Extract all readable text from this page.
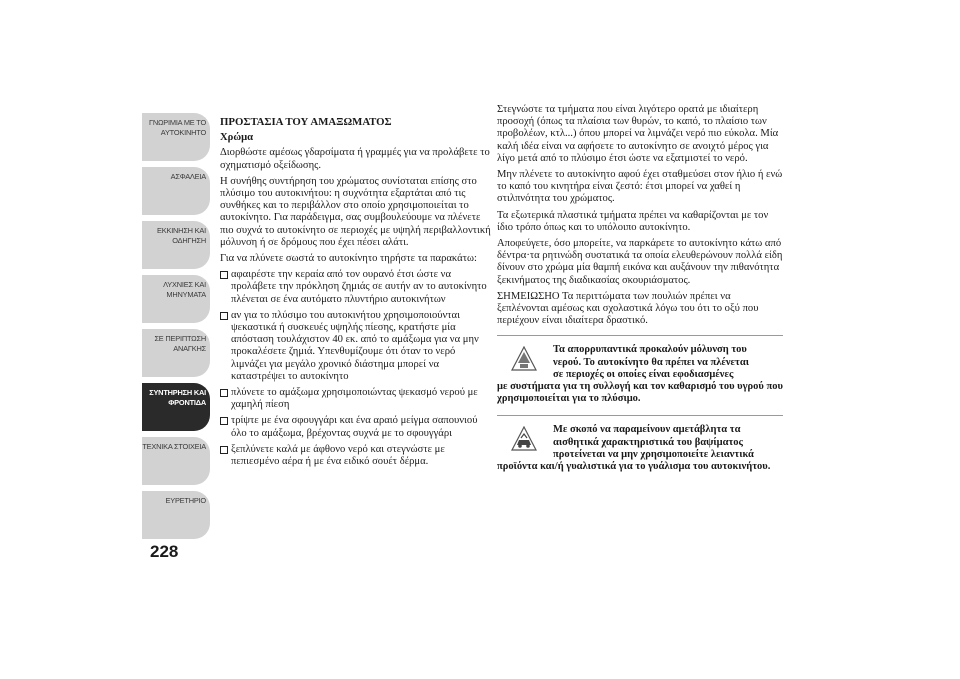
ΓΝΩΡΙΜΙΑ ΜΕ ΤΟ
ΑΥΤΟΚΙΝΗΤΟ
ΑΣΦΑΛΕΙΑ
ΕΚΚΙΝΗΣΗ ΚΑΙ
ΟΔΗΓΗΣΗ
ΛΥΧΝΙΕΣ ΚΑΙ
ΜΗΝΥΜΑΤΑ
ΣΕ ΠΕΡΙΠΤΩΣΗ
ΑΝΑΓΚΗΣ
ΣΥΝΤΗΡΗΣΗ ΚΑΙ
ΦΡΟΝΤΙΔΑ
ΤΕΧΝΙΚΑ ΣΤΟΙΧΕΙΑ
ΕΥΡΕΤΗΡΙΟ
228
ΠΡΟΣΤΑΣΙΑ ΤΟΥ ΑΜΑΞΩΜΑΤΟΣ
Χρώμα

Διορθώστε αμέσως γδαρσίματα ή γραμμές για να προλάβετε το σχηματισμό οξείδωσης.

Η συνήθης συντήρηση του χρώματος συνίσταται επίσης στο πλύσιμο του αυτοκινήτου: η συχνότητα εξαρτάται από τις συνθήκες και το περιβάλλον στο οποίο χρησιμοποιείται το αυτοκίνητο. Για παράδειγμα, σας συμβουλεύουμε να πλένετε πιο συχνά το αυτοκίνητο σε περιοχές με υψηλή περιβαλλοντική μόλυνση ή σε δρόμους που έχει πέσει αλάτι.

Για να πλύνετε σωστά το αυτοκίνητο τηρήστε τα παρακάτω:

αφαιρέστε την κεραία από τον ουρανό έτσι ώστε να προλάβετε την πρόκληση ζημιάς σε αυτήν αν το αυτοκίνητο πλένεται σε ένα αυτόματο πλυντήριο αυτοκινήτων
αν για το πλύσιμο του αυτοκινήτου χρησιμοποιούνται ψεκαστικά ή συσκευές υψηλής πίεσης, κρατήστε μία απόσταση τουλάχιστον 40 εκ. από το αμάξωμα για να μην προκαλέσετε ζημιά. Υπενθυμίζουμε ότι όταν το νερό λιμνάζει για μεγάλο χρονικό διάστημα μπορεί να καταστρέψει το αυτοκίνητο
πλύνετε το αμάξωμα χρησιμοποιώντας ψεκασμό νερού με χαμηλή πίεση
τρίψτε με ένα σφουγγάρι και ένα αραιό μείγμα σαπουνιού όλο το αμάξωμα, βρέχοντας συχνά με το σφουγγάρι
ξεπλύνετε καλά με άφθονο νερό και στεγνώστε με πεπιεσμένο αέρα ή με ένα ειδικό σουέτ δέρμα.

Στεγνώστε τα τμήματα που είναι λιγότερο ορατά με ιδιαίτερη προσοχή (όπως τα πλαίσια των θυρών, το καπό, το πλαίσιο των προβολέων, κτλ...) όπου μπορεί να λιμνάζει νερό πιο εύκολα. Μία καλή ιδέα είναι να αφήσετε το αυτοκίνητο σε ανοιχτό μέρος για λίγο μετά από το πλύσιμο έτσι ώστε να εξατμιστεί το νερό.

Μην πλένετε το αυτοκίνητο αφού έχει σταθμεύσει στον ήλιο ή ενώ το καπό του κινητήρα είναι ζεστό: έτσι μπορεί να χαθεί η στιλπνότητα του χρώματος.

Τα εξωτερικά πλαστικά τμήματα πρέπει να καθαρίζονται με τον ίδιο τρόπο όπως και το υπόλοιπο αυτοκίνητο.

Αποφεύγετε, όσο μπορείτε, να παρκάρετε το αυτοκίνητο κάτω από δέντρα·τα ρητινώδη συστατικά τα οποία ελευθερώνουν πολλά είδη δίνουν στο χρώμα μία θαμπή εικόνα και αυξάνουν την πιθανότητα ξεκινήματος της διαδικασίας σκουριάσματος.

ΣΗΜΕΙΩΣΗΟ Τα περιττώματα των πουλιών πρέπει να ξεπλένονται αμέσως και σχολαστικά λόγω του ότι το οξύ που περιέχουν είναι ιδιαίτερα δραστικό.

Τα απορρυπαντικά προκαλούν μόλυνση του
νερού. Το αυτοκίνητο θα πρέπει να πλένεται
σε περιοχές οι οποίες είναι εφοδιασμένες
με συστήματα για τη συλλογή και τον καθαρισμό του υγρού που χρησιμοποιείται για το πλύσιμο.
Με σκοπό να παραμείνουν αμετάβλητα τα
αισθητικά χαρακτηριστικά του βαψίματος
προτείνεται να μην χρησιμοποιείτε λειαντικά
προϊόντα και/ή γυαλιστικά για το γυάλισμα του αυτοκινήτου.
